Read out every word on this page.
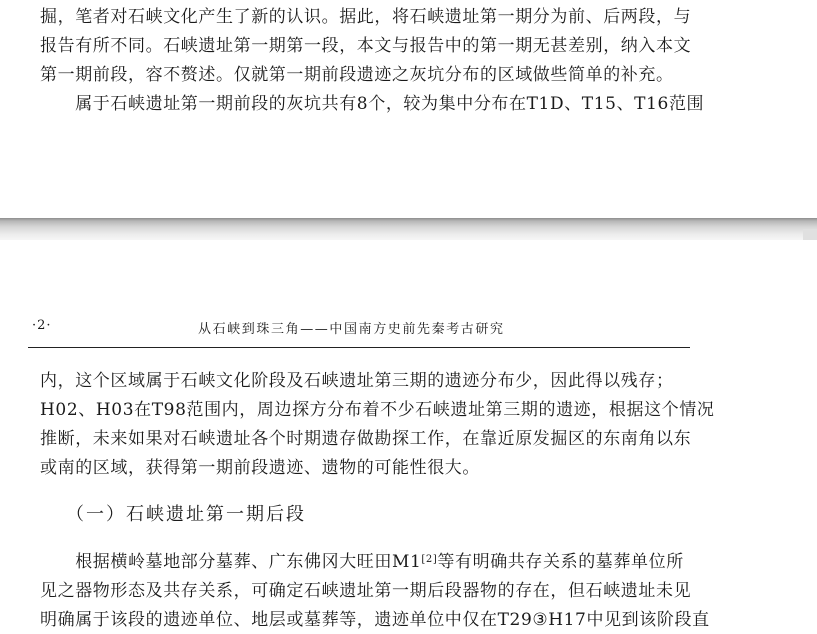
掘，笔者对石峡文化产生了新的认识。据此，将石峡遗址第一期分为前、后两段，与
报告有所不同。石峡遗址第一期第一段，本文与报告中的第一期无甚差别，纳入本文
第一期前段，容不赘述。仅就第一期前段遗迹之灰坑分布的区域做些简单的补充。
　　属于石峡遗址第一期前段的灰坑共有8个，较为集中分布在T1D、T15、T16范围
·2·	从石峡到珠三角——中国南方史前先秦考古研究
内，这个区域属于石峡文化阶段及石峡遗址第三期的遗迹分布少，因此得以残存；
H02、H03在T98范围内，周边探方分布着不少石峡遗址第三期的遗迹，根据这个情况
推断，未来如果对石峡遗址各个时期遗存做勘探工作，在靠近原发掘区的东南角以东
或南的区域，获得第一期前段遗迹、遗物的可能性很大。
（一）石峡遗址第一期后段
　　根据横岭墓地部分墓葬、广东佛冈大旺田M1[2]等有明确共存关系的墓葬单位所
见之器物形态及共存关系，可确定石峡遗址第一期后段器物的存在，但石峡遗址未见
明确属于该段的遗迹单位、地层或墓葬等，遗迹单位中仅在T29③H17中见到该阶段直
